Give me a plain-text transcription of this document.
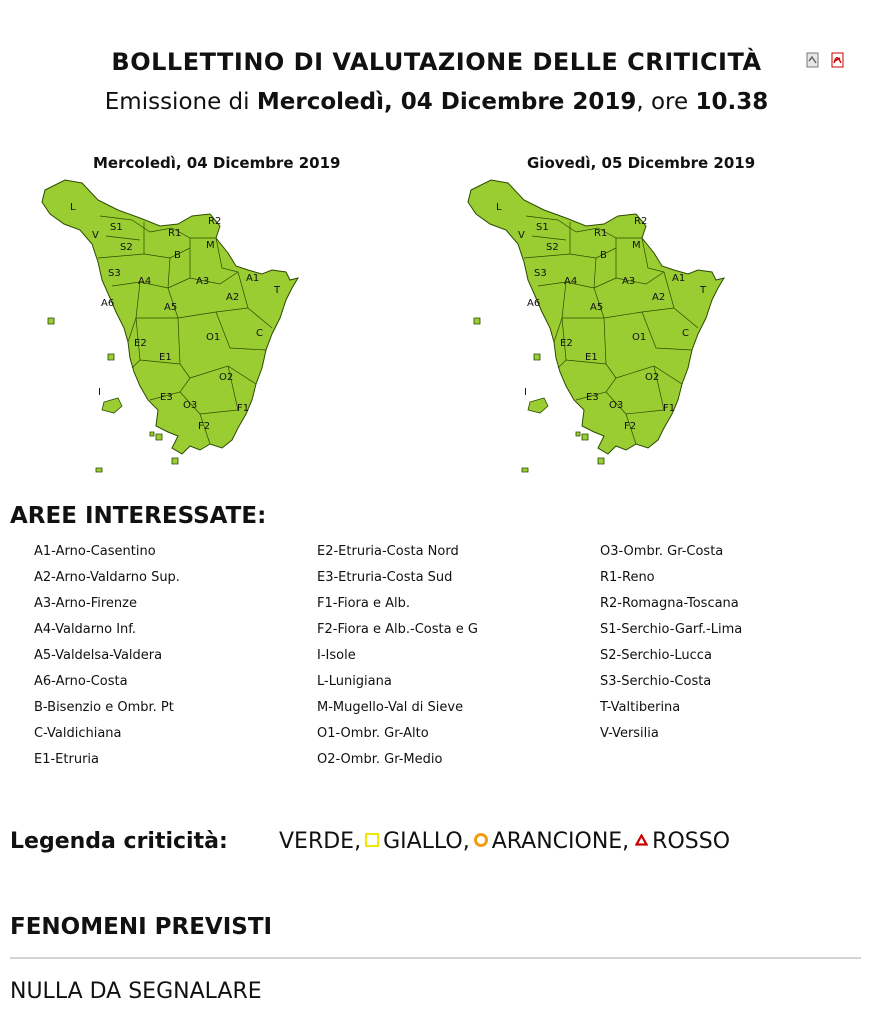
BOLLETTINO DI VALUTAZIONE DELLE CRITICITÀ
Emissione di Mercoledì, 04 Dicembre 2019, ore 10.38

Mercoledì, 04 Dicembre 2019	Giovedì, 05 Dicembre 2019
L
S1
R1
R2
V
S2	M
B
S3
A4	A3	A1
A6	A5
A2
T
C
O1
E2
E1
O2
I	E3
O3	F1
F2
L
S1
R1
R2
V
S2	M
B
S3
A4	A3	A1
A6	A5
A2
T
C
O1
E2
E1
O2
I	E3
O3	F1
F2
AREE INTERESSATE:
A1-Arno-Casentino
A2-Arno-Valdarno Sup.
A3-Arno-Firenze
A4-Valdarno Inf.
A5-Valdelsa-Valdera
A6-Arno-Costa
B-Bisenzio e Ombr. Pt
C-Valdichiana
E1-Etruria
E2-Etruria-Costa Nord
E3-Etruria-Costa Sud
F1-Fiora e Alb.
F2-Fiora e Alb.-Costa e G
I-Isole
L-Lunigiana
M-Mugello-Val di Sieve
O1-Ombr. Gr-Alto
O2-Ombr. Gr-Medio
O3-Ombr. Gr-Costa
R1-Reno
R2-Romagna-Toscana
S1-Serchio-Garf.-Lima
S2-Serchio-Lucca
S3-Serchio-Costa
T-Valtiberina
V-Versilia
Legenda criticità: VERDE, GIALLO, ARANCIONE, ROSSO
FENOMENI PREVISTI
NULLA DA SEGNALARE
